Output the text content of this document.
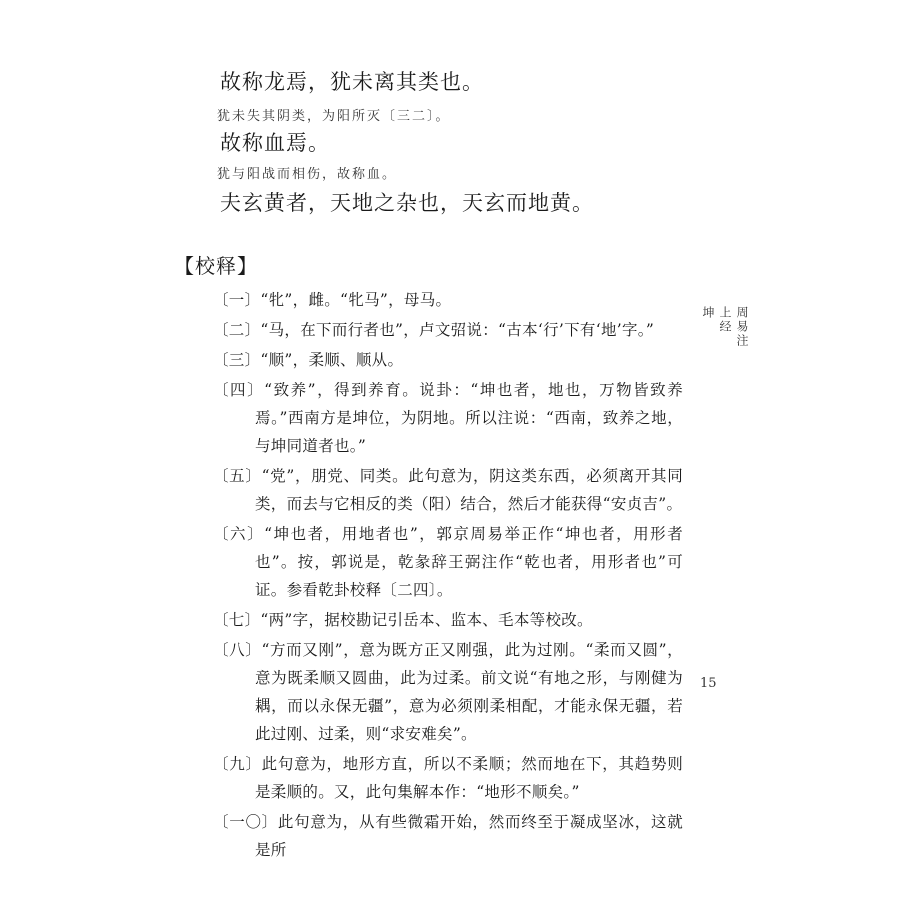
故称龙焉，犹未离其类也。
犹未失其阴类，为阳所灭〔三二〕。
故称血焉。
犹与阳战而相伤，故称血。
夫玄黄者，天地之杂也，天玄而地黄。
【校释】
〔一〕“牝”，雌。“牝马”，母马。
〔二〕“马，在下而行者也”，卢文弨说：“古本‘行’下有‘地’字。”
〔三〕“顺”，柔顺、顺从。
〔四〕“致养”，得到养育。说卦：“坤也者，地也，万物皆致养焉。”西南方是坤位，为阴地。所以注说：“西南，致养之地，与坤同道者也。”
〔五〕“党”，朋党、同类。此句意为，阴这类东西，必须离开其同类，而去与它相反的类（阳）结合，然后才能获得“安贞吉”。
〔六〕“坤也者，用地者也”，郭京周易举正作“坤也者，用形者也”。按，郭说是，乾彖辞王弼注作“乾也者，用形者也”可证。参看乾卦校释〔二四〕。
〔七〕“两”字，据校勘记引岳本、监本、毛本等校改。
〔八〕“方而又刚”，意为既方正又刚强，此为过刚。“柔而又圆”，意为既柔顺又圆曲，此为过柔。前文说“有地之形，与刚健为耦，而以永保无疆”，意为必须刚柔相配，才能永保无疆，若此过刚、过柔，则“求安难矣”。
〔九〕此句意为，地形方直，所以不柔顺；然而地在下，其趋势则是柔顺的。又，此句集解本作：“地形不顺矣。”
〔一〇〕此句意为，从有些微霜开始，然而终至于凝成坚冰，这就是所
周易注
上经
坤
15
